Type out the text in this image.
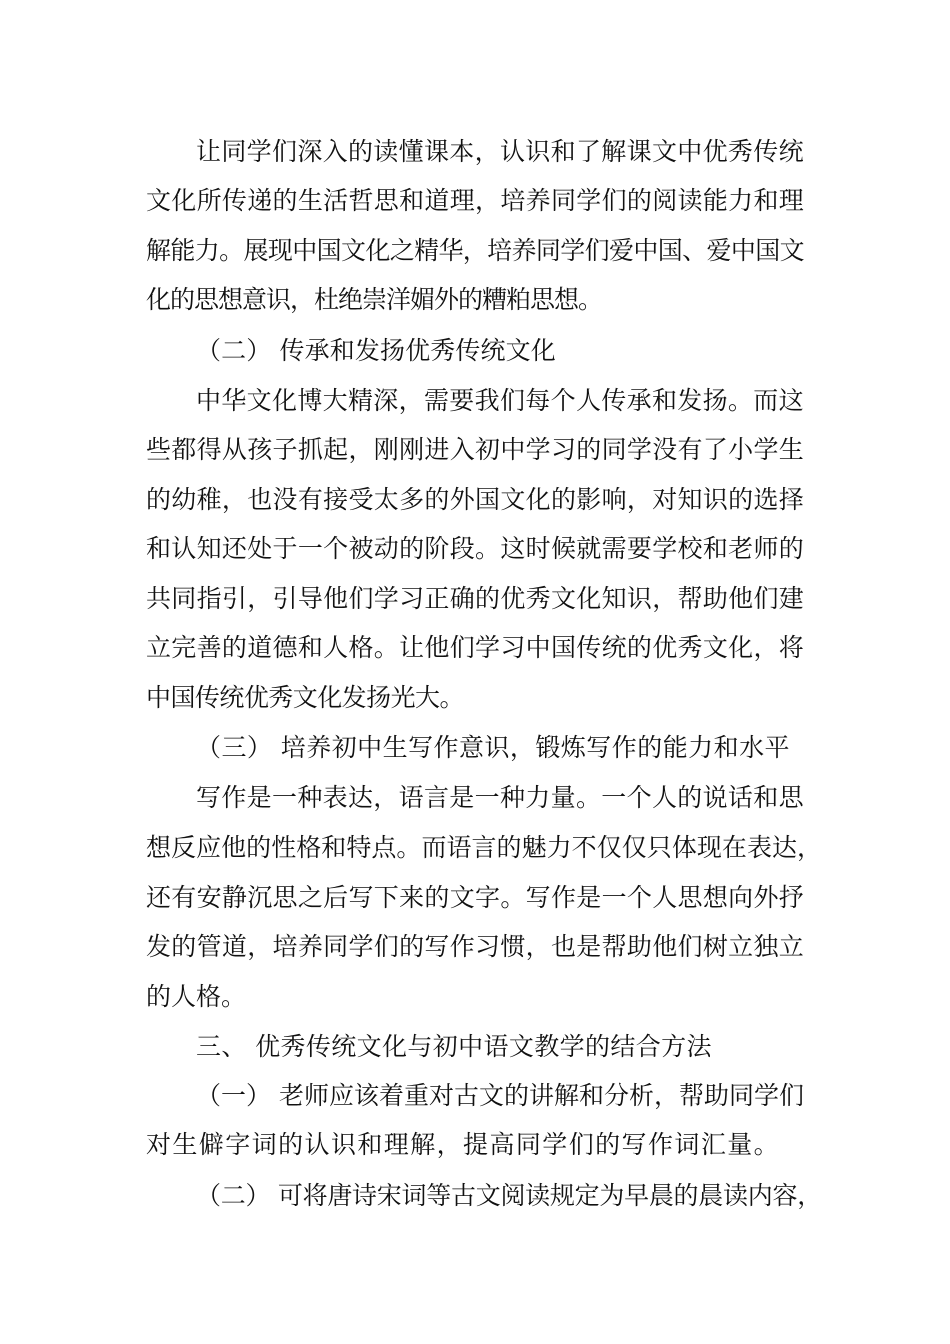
让同学们深入的读懂课本，认识和了解课文中优秀传统
文化所传递的生活哲思和道理，培养同学们的阅读能力和理
解能力。展现中国文化之精华，培养同学们爱中国、爱中国文
化的思想意识，杜绝崇洋媚外的糟粕思想。
（二） 传承和发扬优秀传统文化
中华文化博大精深，需要我们每个人传承和发扬。而这
些都得从孩子抓起，刚刚进入初中学习的同学没有了小学生
的幼稚，也没有接受太多的外国文化的影响，对知识的选择
和认知还处于一个被动的阶段。这时候就需要学校和老师的
共同指引，引导他们学习正确的优秀文化知识，帮助他们建
立完善的道德和人格。让他们学习中国传统的优秀文化，将
中国传统优秀文化发扬光大。
（三） 培养初中生写作意识，锻炼写作的能力和水平
写作是一种表达，语言是一种力量。一个人的说话和思
想反应他的性格和特点。而语言的魅力不仅仅只体现在表达，
还有安静沉思之后写下来的文字。写作是一个人思想向外抒
发的管道，培养同学们的写作习惯，也是帮助他们树立独立
的人格。
三、 优秀传统文化与初中语文教学的结合方法
（一） 老师应该着重对古文的讲解和分析，帮助同学们
对生僻字词的认识和理解，提高同学们的写作词汇量。
（二） 可将唐诗宋词等古文阅读规定为早晨的晨读内容，
